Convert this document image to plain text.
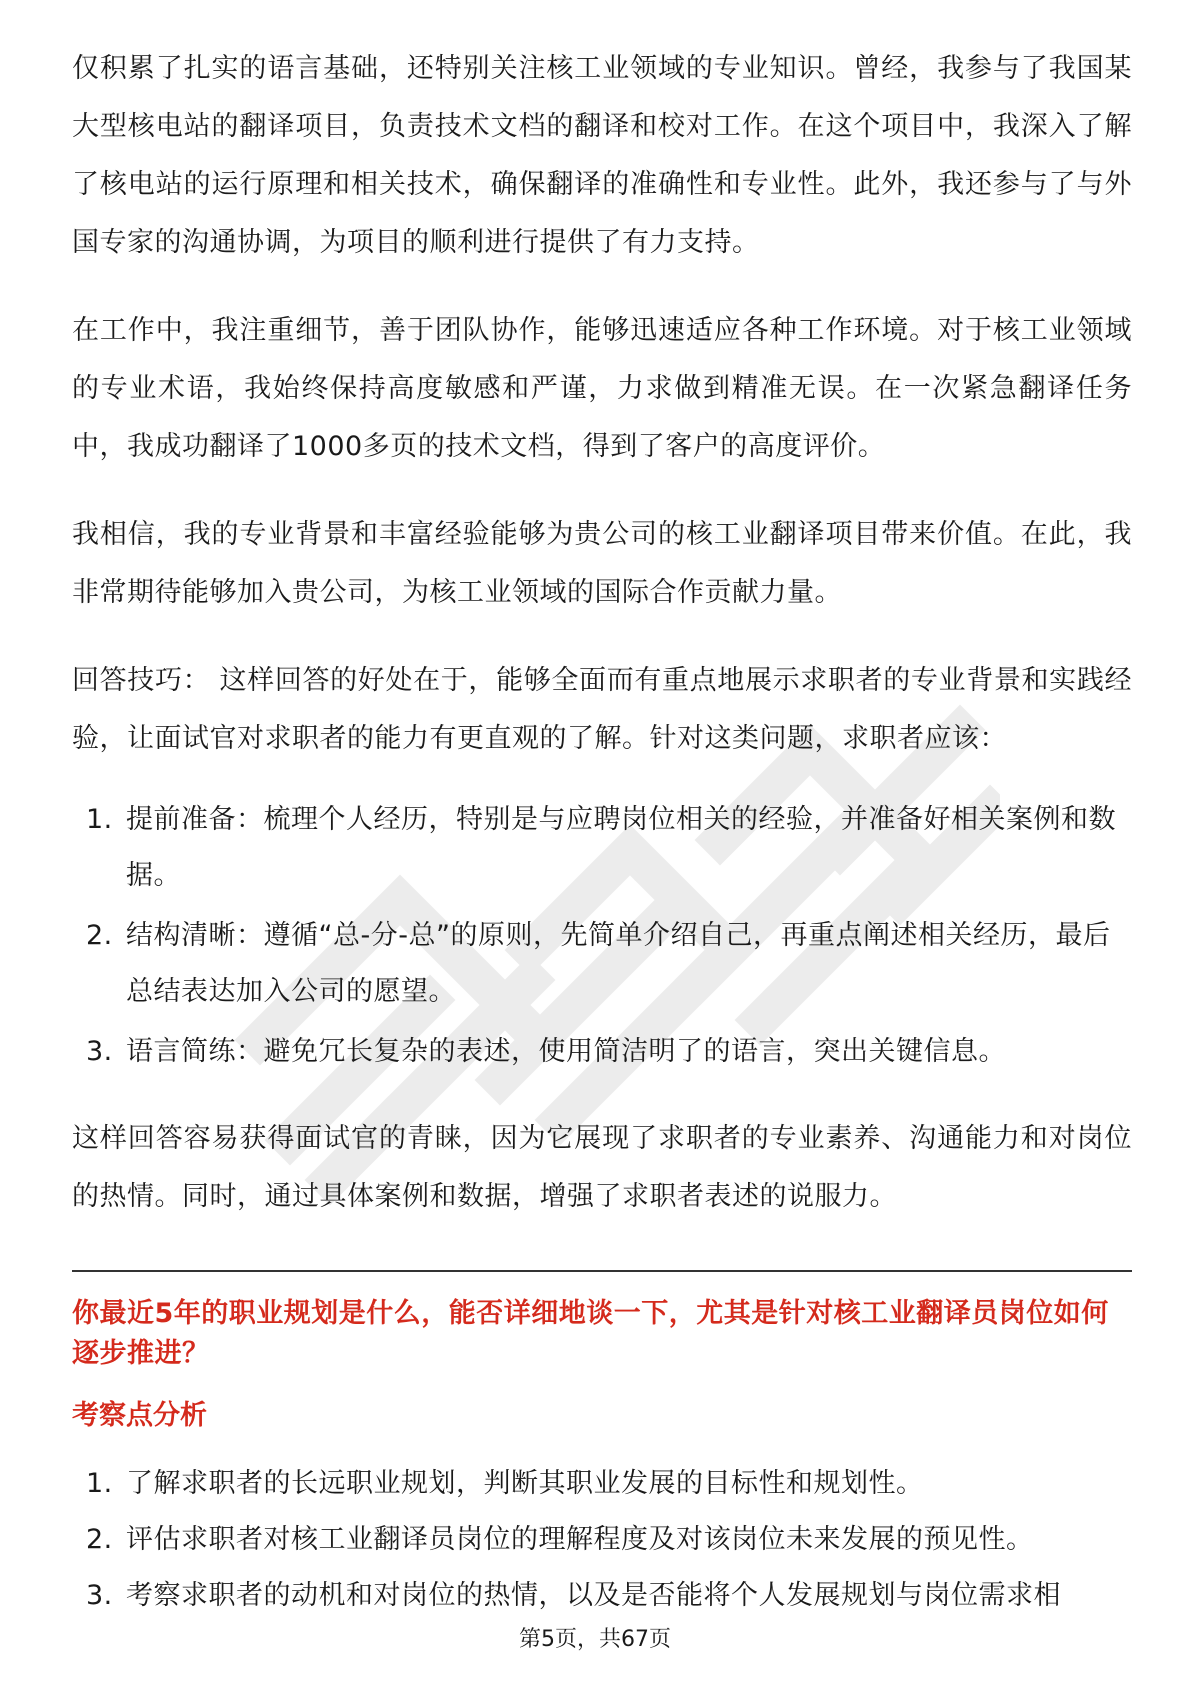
仅积累了扎实的语言基础，还特别关注核工业领域的专业知识。曾经，我参与了我国某大型核电站的翻译项目，负责技术文档的翻译和校对工作。在这个项目中，我深入了解了核电站的运行原理和相关技术，确保翻译的准确性和专业性。此外，我还参与了与外国专家的沟通协调，为项目的顺利进行提供了有力支持。

在工作中，我注重细节，善于团队协作，能够迅速适应各种工作环境。对于核工业领域的专业术语，我始终保持高度敏感和严谨，力求做到精准无误。在一次紧急翻译任务中，我成功翻译了1000多页的技术文档，得到了客户的高度评价。

我相信，我的专业背景和丰富经验能够为贵公司的核工业翻译项目带来价值。在此，我非常期待能够加入贵公司，为核工业领域的国际合作贡献力量。

回答技巧： 这样回答的好处在于，能够全面而有重点地展示求职者的专业背景和实践经验，让面试官对求职者的能力有更直观的了解。针对这类问题，求职者应该：

1. 提前准备：梳理个人经历，特别是与应聘岗位相关的经验，并准备好相关案例和数据。
2. 结构清晰：遵循“总-分-总”的原则，先简单介绍自己，再重点阐述相关经历，最后总结表达加入公司的愿望。
3. 语言简练：避免冗长复杂的表述，使用简洁明了的语言，突出关键信息。

这样回答容易获得面试官的青睐，因为它展现了求职者的专业素养、沟通能力和对岗位的热情。同时，通过具体案例和数据，增强了求职者表述的说服力。

你最近5年的职业规划是什么，能否详细地谈一下，尤其是针对核工业翻译员岗位如何逐步推进？
考察点分析
1. 了解求职者的长远职业规划，判断其职业发展的目标性和规划性。
2. 评估求职者对核工业翻译员岗位的理解程度及对该岗位未来发展的预见性。
3. 考察求职者的动机和对岗位的热情，以及是否能将个人发展规划与岗位需求相
第5页，共67页
